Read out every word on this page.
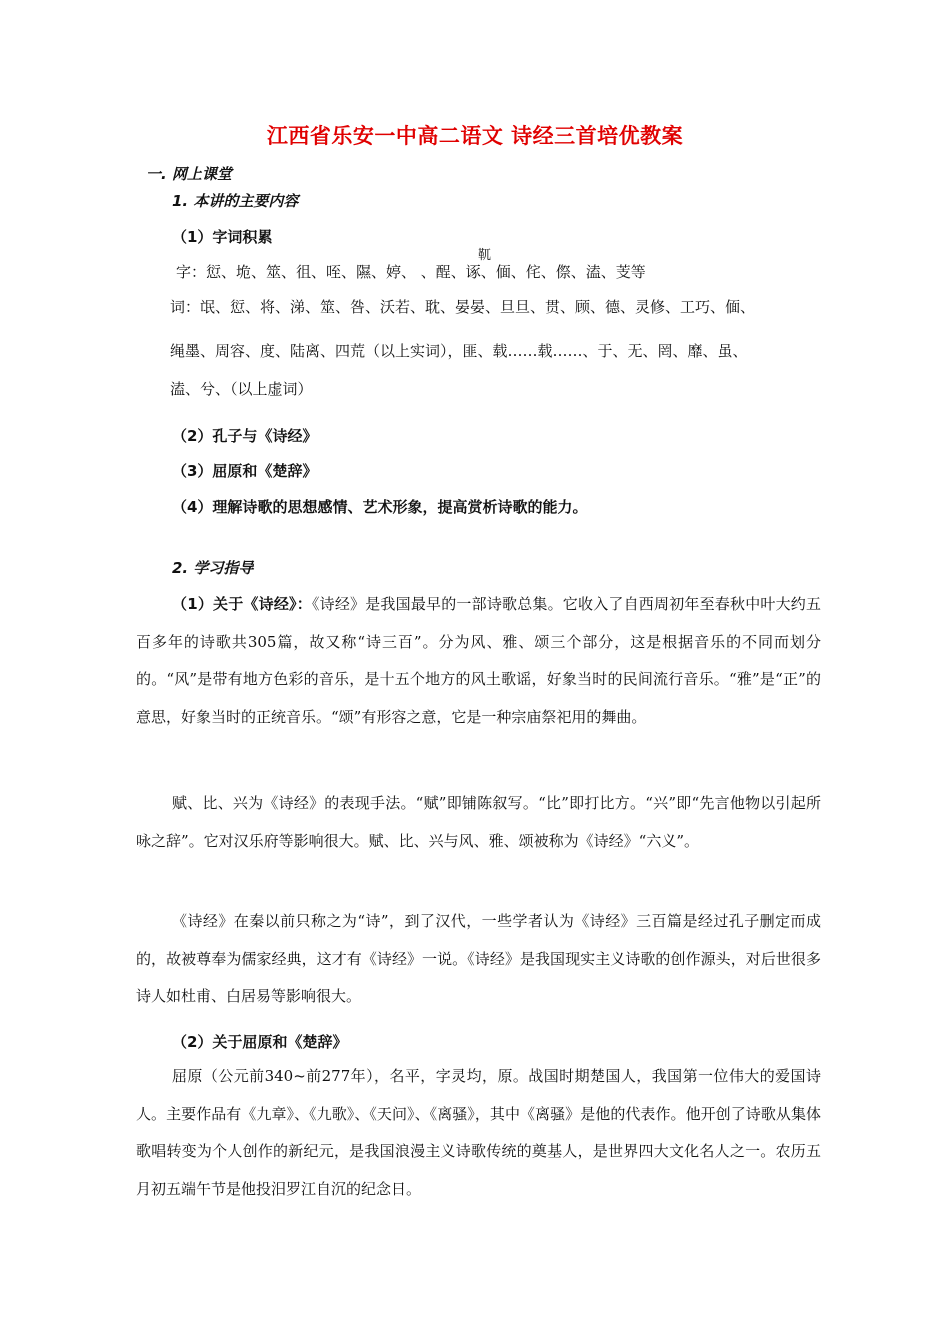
江西省乐安一中高二语文 诗经三首培优教案
一. 网上课堂
1. 本讲的主要内容
（1）字词积累
靰
字：愆、垝、筮、徂、咥、隰、婷、 、酲、诼、偭、侘、傺、溘、芰等
词：氓、愆、将、涕、筮、咎、沃若、耽、晏晏、旦旦、贯、顾、德、灵修、工巧、偭、
绳墨、周容、度、陆离、四荒（以上实词），匪、载……载……、于、无、罔、靡、虽、
溘、兮、（以上虚词）
（2）孔子与《诗经》
（3）屈原和《楚辞》
（4）理解诗歌的思想感情、艺术形象，提高赏析诗歌的能力。
2. 学习指导
（1）关于《诗经》：《诗经》是我国最早的一部诗歌总集。它收入了自西周初年至春秋中叶大约五百多年的诗歌共305篇，故又称“诗三百”。分为风、雅、颂三个部分，这是根据音乐的不同而划分的。“风”是带有地方色彩的音乐，是十五个地方的风土歌谣，好象当时的民间流行音乐。“雅”是“正”的意思，好象当时的正统音乐。“颂”有形容之意，它是一种宗庙祭祀用的舞曲。
赋、比、兴为《诗经》的表现手法。“赋”即铺陈叙写。“比”即打比方。“兴”即“先言他物以引起所咏之辞”。它对汉乐府等影响很大。赋、比、兴与风、雅、颂被称为《诗经》“六义”。
《诗经》在秦以前只称之为“诗”，到了汉代，一些学者认为《诗经》三百篇是经过孔子删定而成的，故被尊奉为儒家经典，这才有《诗经》一说。《诗经》是我国现实主义诗歌的创作源头，对后世很多诗人如杜甫、白居易等影响很大。
（2）关于屈原和《楚辞》
屈原（公元前340~前277年），名平，字灵均，原。战国时期楚国人，我国第一位伟大的爱国诗人。主要作品有《九章》、《九歌》、《天问》、《离骚》，其中《离骚》是他的代表作。他开创了诗歌从集体歌唱转变为个人创作的新纪元，是我国浪漫主义诗歌传统的奠基人，是世界四大文化名人之一。农历五月初五端午节是他投汨罗江自沉的纪念日。
